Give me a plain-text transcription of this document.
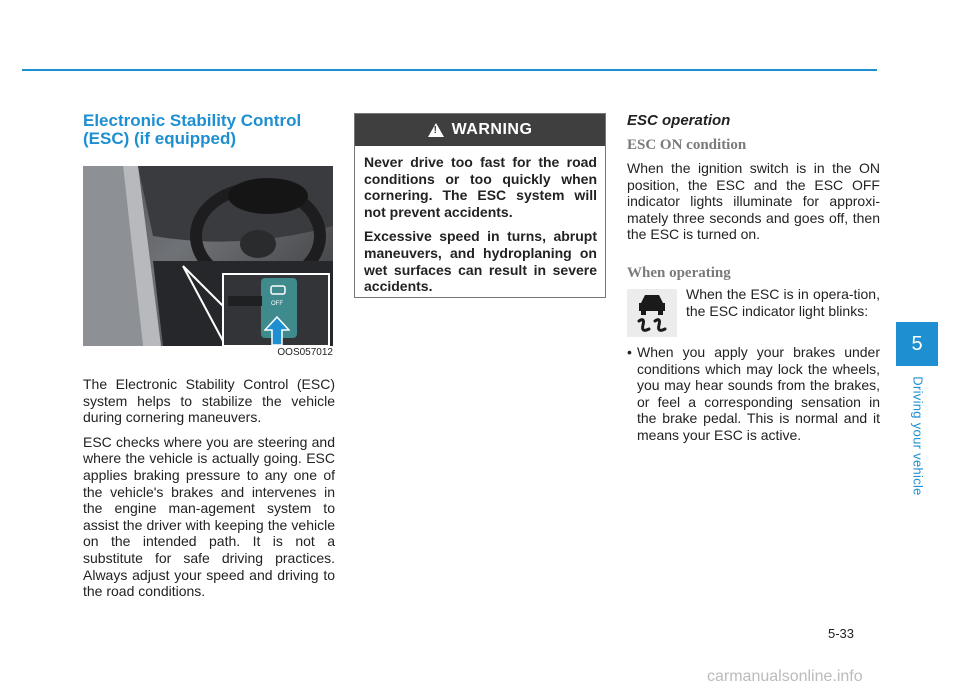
Electronic Stability Control
(ESC) (if equipped)
OFF
OOS057012

The Electronic Stability Control (ESC) system helps to stabilize the vehicle during cornering maneuvers.

ESC checks where you are steering and where the vehicle is actually going. ESC applies braking pressure to any one of the vehicle's brakes and intervenes in the engine man-agement system to assist the driver with keeping the vehicle on the intended path. It is not a substitute for safe driving practices. Always adjust your speed and driving to the road conditions.

!
WARNING

Never drive too fast for the road conditions or too quickly when cornering. The ESC system will not prevent accidents.

Excessive speed in turns, abrupt maneuvers, and hydroplaning on wet surfaces can result in severe accidents.

ESC operation
ESC ON condition

When the ignition switch is in the ON position, the ESC and the ESC OFF indicator lights illuminate for approxi-mately three seconds and goes off, then the ESC is turned on.

When operating

When the ESC is in opera-tion, the ESC indicator light blinks:

• When you apply your brakes under conditions which may lock the wheels, you may hear sounds from the brakes, or feel a corresponding sensation in the brake pedal. This is normal and it means your ESC is active.
5
Driving your vehicle
5-33
carmanualsonline.info
